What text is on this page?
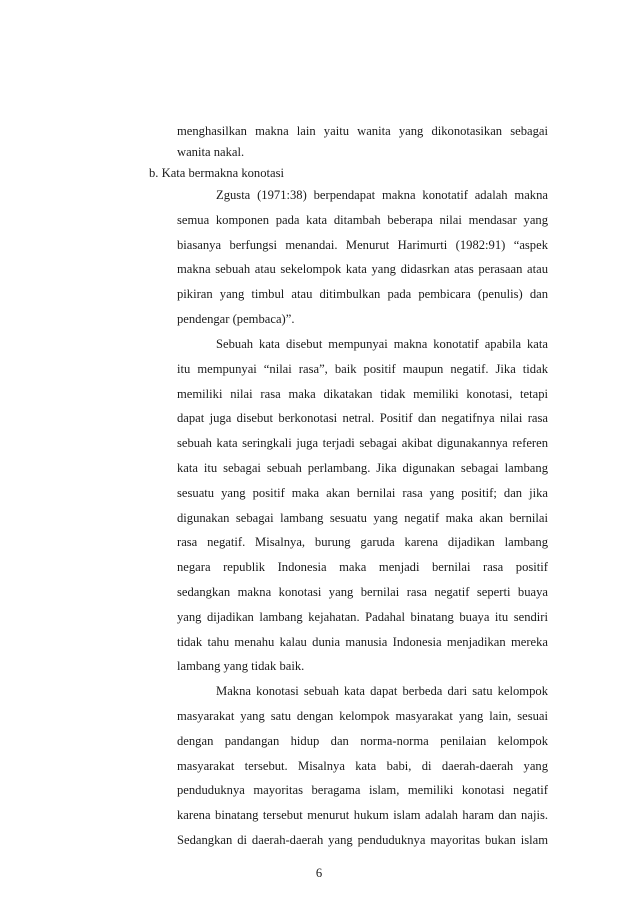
menghasilkan makna lain yaitu wanita yang dikonotasikan sebagai
wanita nakal.
b. Kata bermakna konotasi
Zgusta (1971:38) berpendapat makna konotatif adalah makna
semua komponen pada kata ditambah beberapa nilai mendasar yang
biasanya berfungsi menandai. Menurut Harimurti (1982:91) “aspek
makna sebuah atau sekelompok kata yang didasrkan atas perasaan atau
pikiran yang timbul atau ditimbulkan pada pembicara (penulis) dan
pendengar (pembaca)”.
Sebuah kata disebut mempunyai makna konotatif apabila kata
itu mempunyai “nilai rasa”, baik positif maupun negatif. Jika tidak
memiliki nilai rasa maka dikatakan tidak memiliki konotasi, tetapi
dapat juga disebut berkonotasi netral. Positif dan negatifnya nilai rasa
sebuah kata seringkali juga terjadi sebagai akibat digunakannya referen
kata itu sebagai sebuah perlambang. Jika digunakan sebagai lambang
sesuatu yang positif maka akan bernilai rasa yang positif; dan jika
digunakan sebagai lambang sesuatu yang negatif maka akan bernilai
rasa negatif. Misalnya, burung garuda karena dijadikan lambang
negara republik Indonesia maka menjadi bernilai rasa positif
sedangkan makna konotasi yang bernilai rasa negatif seperti buaya
yang dijadikan lambang kejahatan. Padahal binatang buaya itu sendiri
tidak tahu menahu kalau dunia manusia Indonesia menjadikan mereka
lambang yang tidak baik.
Makna konotasi sebuah kata dapat berbeda dari satu kelompok
masyarakat yang satu dengan kelompok masyarakat yang lain, sesuai
dengan pandangan hidup dan norma-norma penilaian kelompok
masyarakat tersebut. Misalnya kata babi, di daerah-daerah yang
penduduknya mayoritas beragama islam, memiliki konotasi negatif
karena binatang tersebut menurut hukum islam adalah haram dan najis.
Sedangkan di daerah-daerah yang penduduknya mayoritas bukan islam
6
